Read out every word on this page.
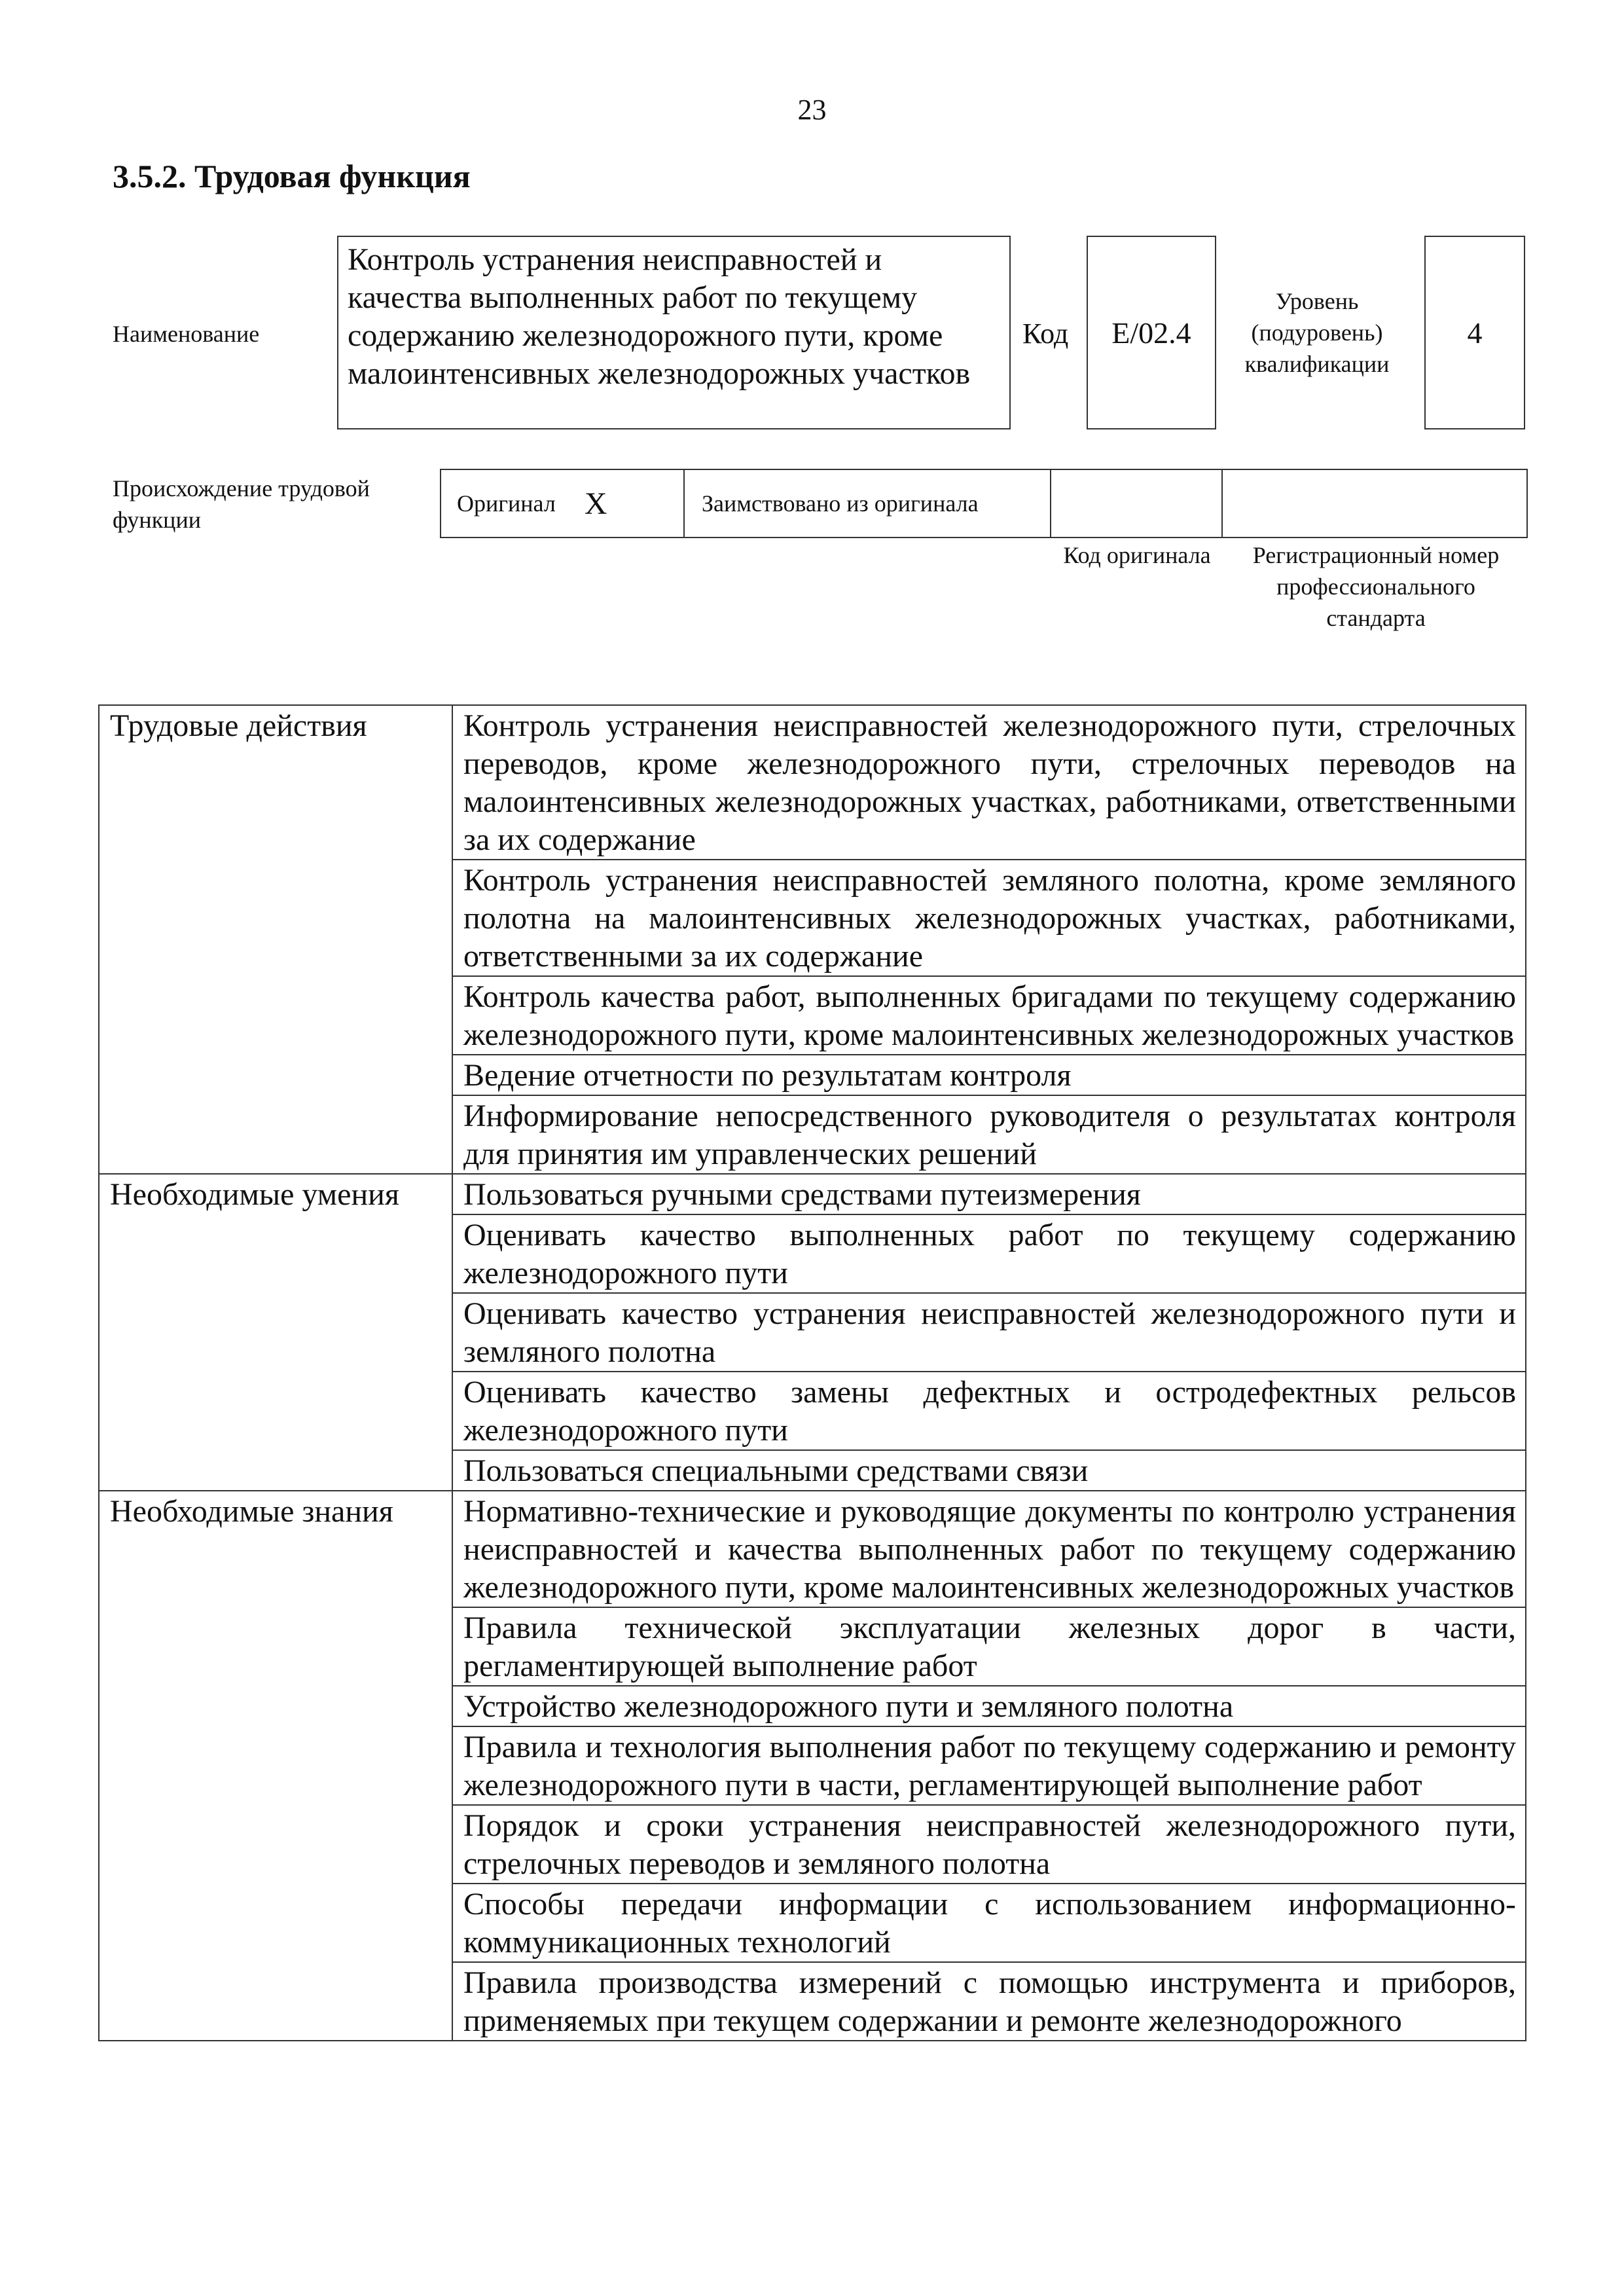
23
3.5.2. Трудовая функция
Наименование
Контроль устранения неисправностей и качества выполненных работ по текущему содержанию железнодорожного пути, кроме малоинтенсивных железнодорожных участков
Код E/02.4
Уровень (подуровень) квалификации
4
Происхождение трудовой функции
Оригинал X	Заимствовано из оригинала
Код оригинала	Регистрационный номер профессионального стандарта
Трудовые действия	Контроль устранения неисправностей железнодорожного пути, стрелочных переводов, кроме железнодорожного пути, стрелочных переводов на малоинтенсивных железнодорожных участках, работниками, ответственными за их содержание
	Контроль устранения неисправностей земляного полотна, кроме земляного полотна на малоинтенсивных железнодорожных участках, работниками, ответственными за их содержание
	Контроль качества работ, выполненных бригадами по текущему содержанию железнодорожного пути, кроме малоинтенсивных железнодорожных участков
	Ведение отчетности по результатам контроля
	Информирование непосредственного руководителя о результатах контроля для принятия им управленческих решений
Необходимые умения	Пользоваться ручными средствами путеизмерения
	Оценивать качество выполненных работ по текущему содержанию железнодорожного пути
	Оценивать качество устранения неисправностей железнодорожного пути и земляного полотна
	Оценивать качество замены дефектных и остродефектных рельсов железнодорожного пути
	Пользоваться специальными средствами связи
Необходимые знания	Нормативно-технические и руководящие документы по контролю устранения неисправностей и качества выполненных работ по текущему содержанию железнодорожного пути, кроме малоинтенсивных железнодорожных участков
	Правила технической эксплуатации железных дорог в части, регламентирующей выполнение работ
	Устройство железнодорожного пути и земляного полотна
	Правила и технология выполнения работ по текущему содержанию и ремонту железнодорожного пути в части, регламентирующей выполнение работ
	Порядок и сроки устранения неисправностей железнодорожного пути, стрелочных переводов и земляного полотна
	Способы передачи информации с использованием информационно-коммуникационных технологий
	Правила производства измерений с помощью инструмента и приборов, применяемых при текущем содержании и ремонте железнодорожного
